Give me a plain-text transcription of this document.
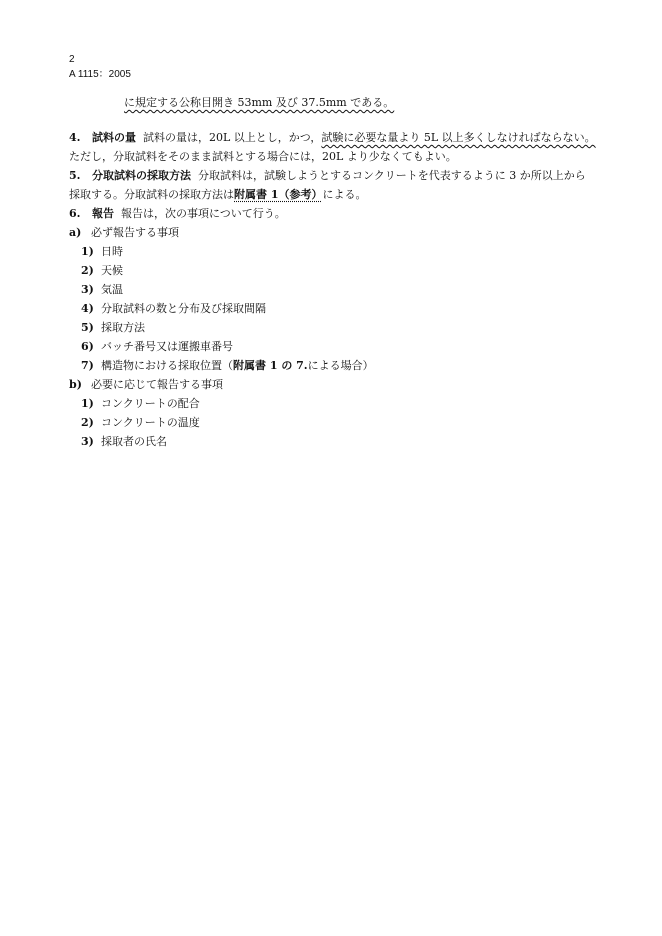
2
A 1115：2005
に規定する公称目開き 53mm 及び 37.5mm である。
4. 試料の量 試料の量は，20L 以上とし，かつ，試験に必要な量より 5L 以上多くしなければならない。
ただし，分取試料をそのまま試料とする場合には，20L より少なくてもよい。
5. 分取試料の採取方法 分取試料は，試験しようとするコンクリートを代表するように 3 か所以上から
採取する。分取試料の採取方法は附属書 1（参考）による。
6. 報告 報告は，次の事項について行う。
a) 必ず報告する事項
1) 日時
2) 天候
3) 気温
4) 分取試料の数と分布及び採取間隔
5) 採取方法
6) バッチ番号又は運搬車番号
7) 構造物における採取位置（附属書 1 の 7.による場合）
b) 必要に応じて報告する事項
1) コンクリートの配合
2) コンクリートの温度
3) 採取者の氏名
